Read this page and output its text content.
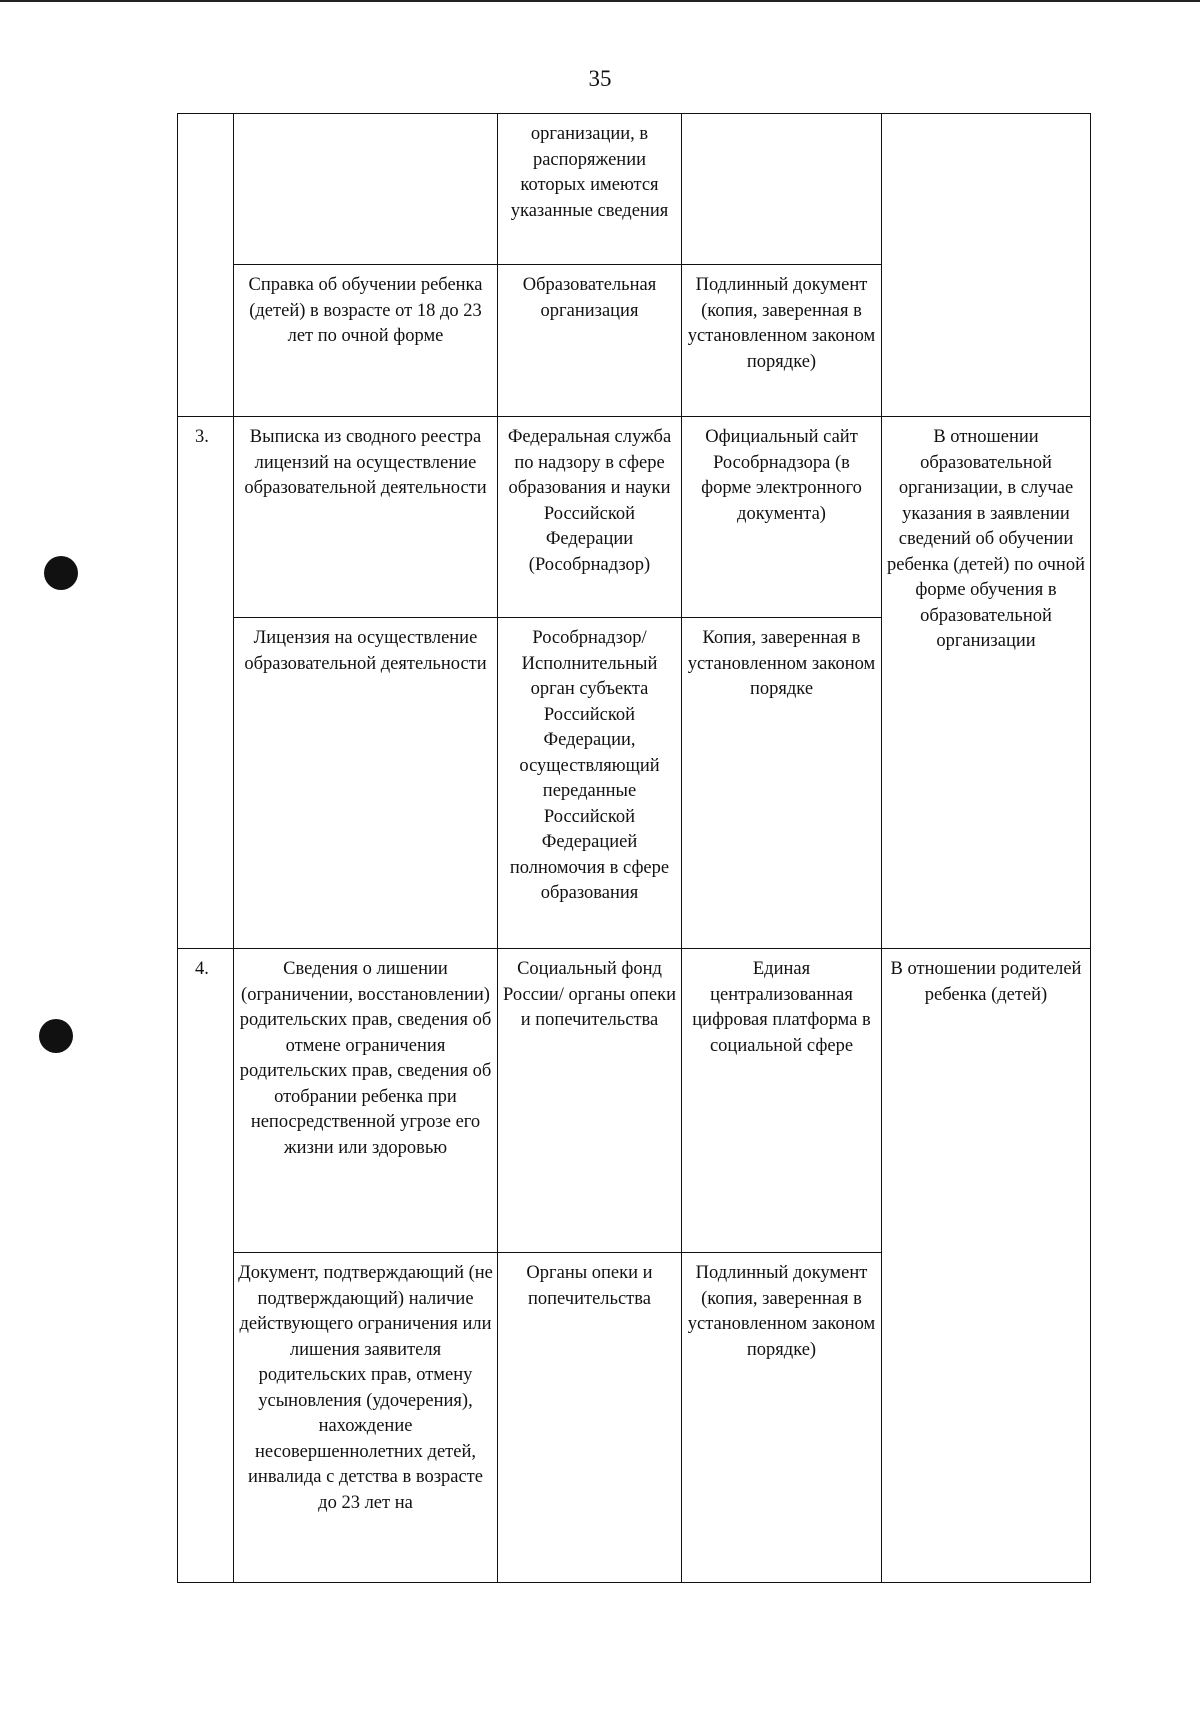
35
		организации, в распоряжении которых имеются указанные сведения		
	Справка об обучении ребенка (детей) в возрасте от 18 до 23 лет по очной форме	Образовательная организация	Подлинный документ (копия, заверенная в установленном законом порядке)	
3.	Выписка из сводного реестра лицензий на осуществление образовательной деятельности	Федеральная служба по надзору в сфере образования и науки Российской Федерации (Рособрнадзор)	Официальный сайт Рособрнадзора (в форме электронного документа)	В отношении образовательной организации, в случае указания в заявлении сведений об обучении ребенка (детей) по очной форме обучения в образовательной организации
	Лицензия на осуществление образовательной деятельности	Рособрнадзор/ Исполнительный орган субъекта Российской Федерации, осуществляющий переданные Российской Федерацией полномочия в сфере образования	Копия, заверенная в установленном законом порядке	
4.	Сведения о лишении (ограничении, восстановлении) родительских прав, сведения об отмене ограничения родительских прав, сведения об отобрании ребенка при непосредственной угрозе его жизни или здоровью	Социальный фонд России/ органы опеки и попечительства	Единая централизованная цифровая платформа в социальной сфере	В отношении родителей ребенка (детей)
	Документ, подтверждающий (не подтверждающий) наличие действующего ограничения или лишения заявителя родительских прав, отмену усыновления (удочерения), нахождение несовершеннолетних детей, инвалида с детства в возрасте до 23 лет на	Органы опеки и попечительства	Подлинный документ (копия, заверенная в установленном законом порядке)	
